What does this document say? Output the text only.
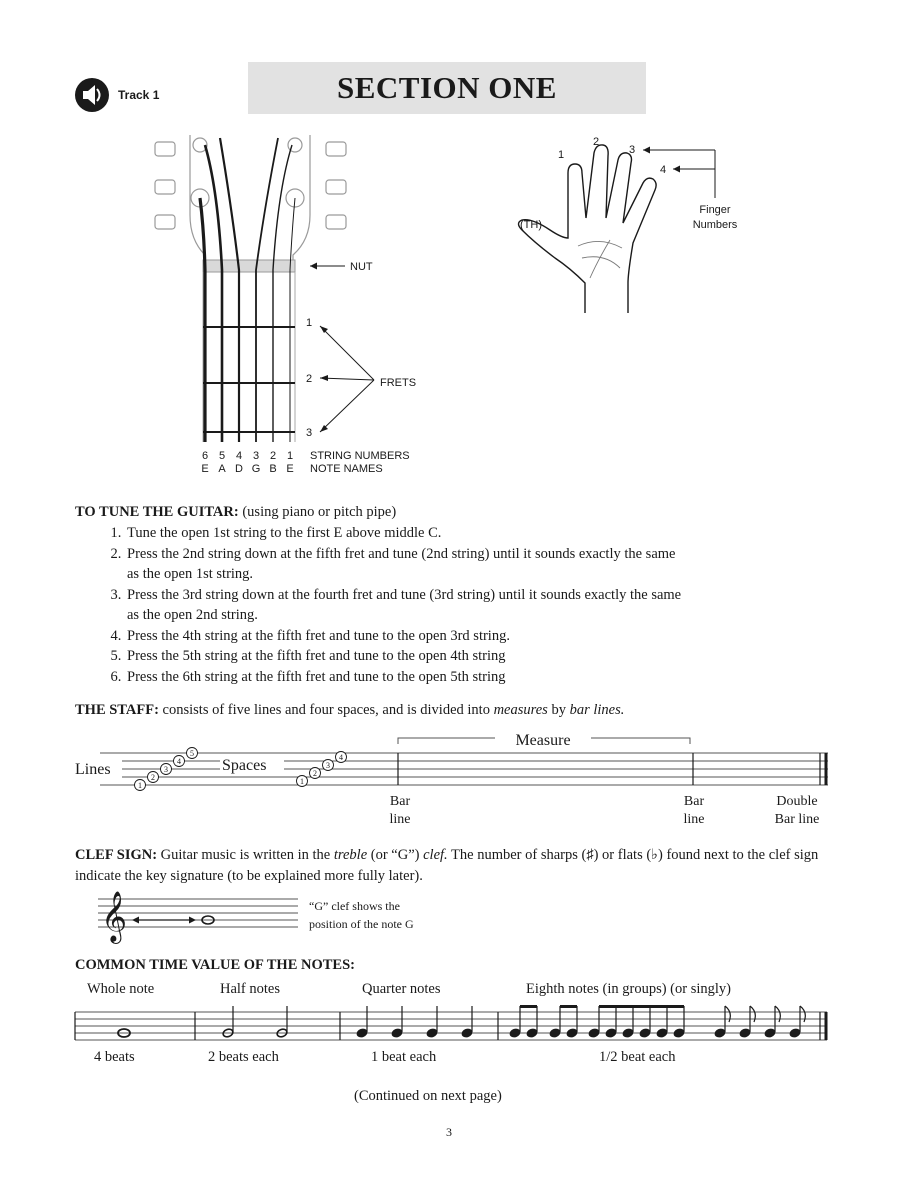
Track 1	SECTION ONE
NUT
1
2
3
FRETS
6 5 4 3 2 1
E A D G B E
STRING NUMBERS
NOTE NAMES
1
2
3
4
(TH)
Finger
Numbers
TO TUNE THE GUITAR: (using piano or pitch pipe)
1. Tune the open 1st string to the first E above middle C.
2. Press the 2nd string down at the fifth fret and tune (2nd string) until it sounds exactly the same as the open 1st string.
3. Press the 3rd string down at the fourth fret and tune (3rd string) until it sounds exactly the same as the open 2nd string.
4. Press the 4th string at the fifth fret and tune to the open 3rd string.
5. Press the 5th string at the fifth fret and tune to the open 4th string
6. Press the 6th string at the fifth fret and tune to the open 5th string
THE STAFF: consists of five lines and four spaces, and is divided into measures by bar lines.
Measure
Lines	Spaces
1
2
3
4
5
1
2
3
4
Bar
line
Bar
line
Double
Bar line
CLEF SIGN: Guitar music is written in the treble (or “G”) clef. The number of sharps (♯) or flats (♭) found next to the clef sign indicate the key signature (to be explained more fully later).
𝄞	“G” clef shows the
position of the note G
COMMON TIME VALUE OF THE NOTES:
Whole note	Half notes	Quarter notes	Eighth notes (in groups) (or singly)
4 beats	2 beats each	1 beat each	1/2 beat each
(Continued on next page)
3
